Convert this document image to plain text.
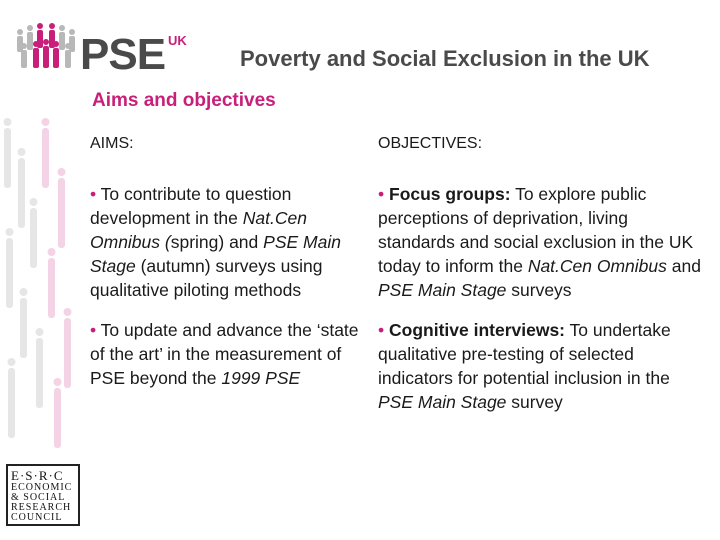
PSE UK
Poverty and Social Exclusion in the UK
Aims and objectives
AIMS:
• To contribute to question development in the Nat.Cen Omnibus (spring) and PSE Main Stage (autumn) surveys using qualitative piloting methods
• To update and advance the ‘state of the art’ in the measurement of PSE beyond the 1999 PSE
OBJECTIVES:
• Focus groups: To explore public perceptions of deprivation, living standards and social exclusion in the UK today to inform the Nat.Cen Omnibus and PSE Main Stage surveys
• Cognitive interviews: To undertake qualitative pre-testing of selected indicators for potential inclusion in the PSE Main Stage survey
E·S·R·C
ECONOMIC
& SOCIAL
RESEARCH
COUNCIL
